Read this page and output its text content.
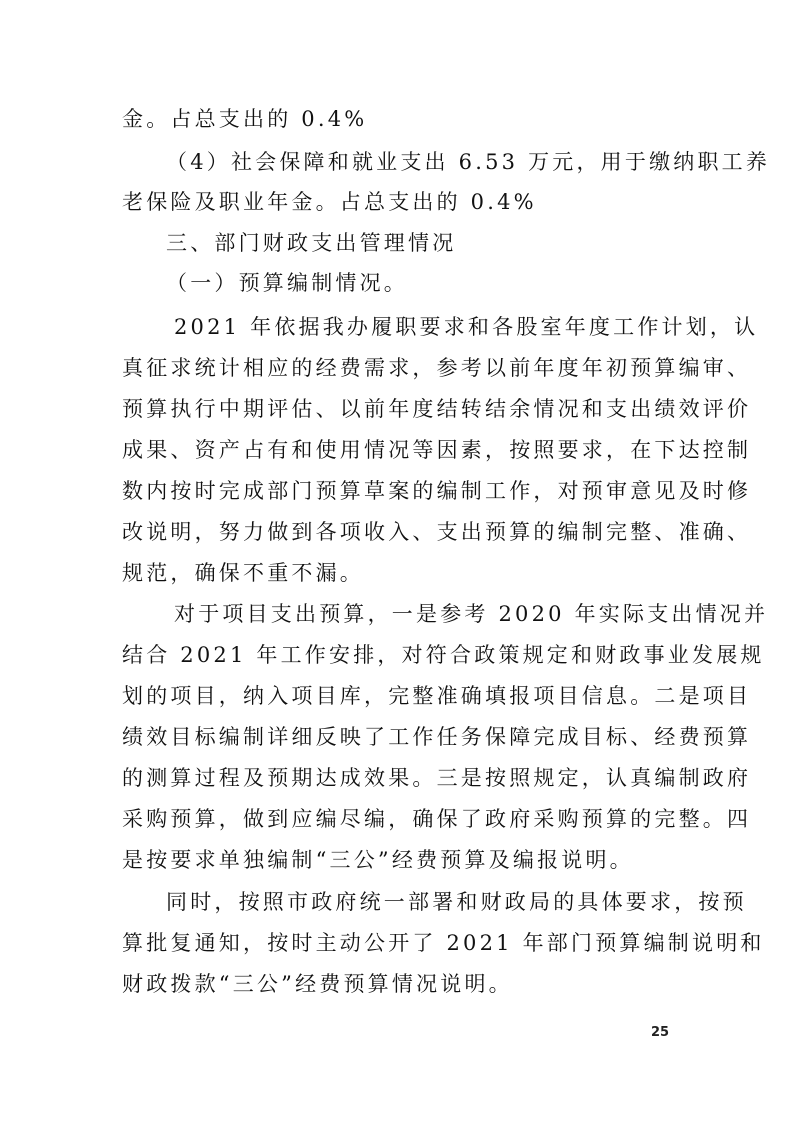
金。占总支出的 0.4%
（4）社会保障和就业支出 6.53 万元，用于缴纳职工养
老保险及职业年金。占总支出的 0.4%
三、部门财政支出管理情况
（一）预算编制情况。
2021 年依据我办履职要求和各股室年度工作计划，认
真征求统计相应的经费需求，参考以前年度年初预算编审、
预算执行中期评估、以前年度结转结余情况和支出绩效评价
成果、资产占有和使用情况等因素，按照要求，在下达控制
数内按时完成部门预算草案的编制工作，对预审意见及时修
改说明，努力做到各项收入、支出预算的编制完整、准确、
规范，确保不重不漏。
对于项目支出预算，一是参考 2020 年实际支出情况并
结合 2021 年工作安排，对符合政策规定和财政事业发展规
划的项目，纳入项目库，完整准确填报项目信息。二是项目
绩效目标编制详细反映了工作任务保障完成目标、经费预算
的测算过程及预期达成效果。三是按照规定，认真编制政府
采购预算，做到应编尽编，确保了政府采购预算的完整。四
是按要求单独编制“三公”经费预算及编报说明。
同时，按照市政府统一部署和财政局的具体要求，按预
算批复通知，按时主动公开了 2021 年部门预算编制说明和
财政拨款“三公”经费预算情况说明。
25
